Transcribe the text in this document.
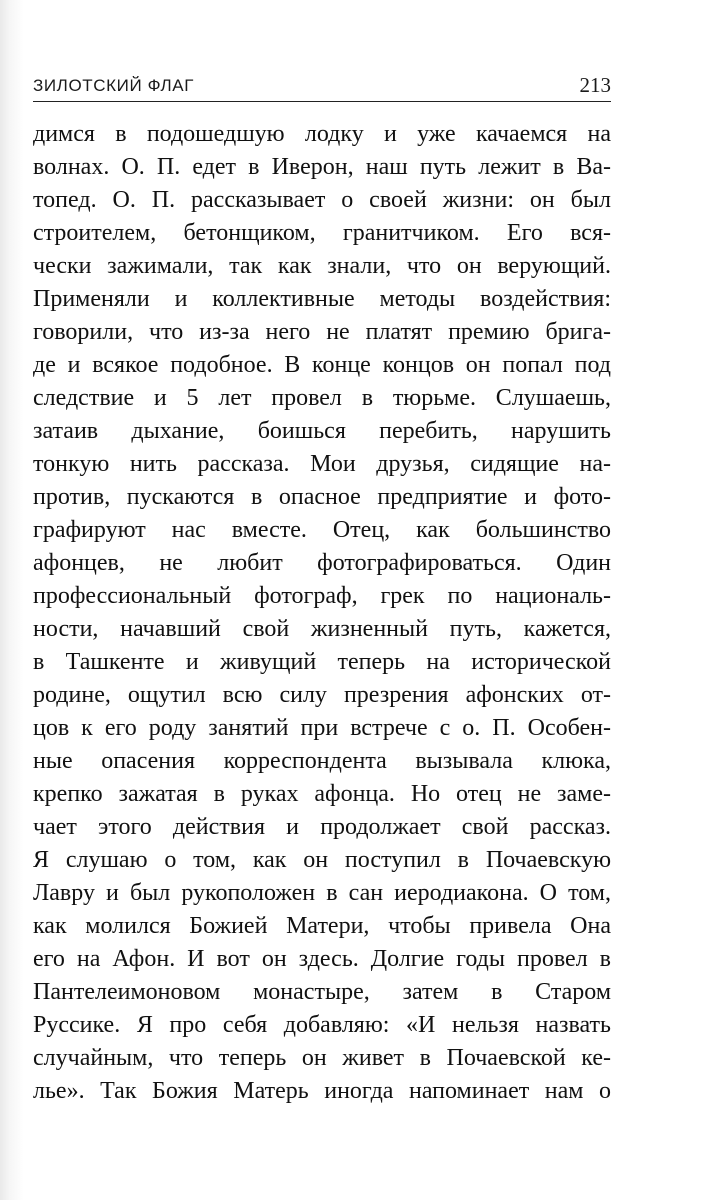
ЗИЛОТСКИЙ ФЛАГ	213
димся в подошедшую лодку и уже качаемся на
волнах. О. П. едет в Иверон, наш путь лежит в Ва-
топед. О. П. рассказывает о своей жизни: он был
строителем, бетонщиком, гранитчиком. Его вся-
чески зажимали, так как знали, что он верующий.
Применяли и коллективные методы воздействия:
говорили, что из-за него не платят премию брига-
де и всякое подобное. В конце концов он попал под
следствие и 5 лет провел в тюрьме. Слушаешь,
затаив дыхание, боишься перебить, нарушить
тонкую нить рассказа. Мои друзья, сидящие на-
против, пускаются в опасное предприятие и фото-
графируют нас вместе. Отец, как большинство
афонцев, не любит фотографироваться. Один
профессиональный фотограф, грек по националь-
ности, начавший свой жизненный путь, кажется,
в Ташкенте и живущий теперь на исторической
родине, ощутил всю силу презрения афонских от-
цов к его роду занятий при встрече с о. П. Особен-
ные опасения корреспондента вызывала клюка,
крепко зажатая в руках афонца. Но отец не заме-
чает этого действия и продолжает свой рассказ.
Я слушаю о том, как он поступил в Почаевскую
Лавру и был рукоположен в сан иеродиакона. О том,
как молился Божией Матери, чтобы привела Она
его на Афон. И вот он здесь. Долгие годы провел в
Пантелеимоновом монастыре, затем в Старом
Руссике. Я про себя добавляю: «И нельзя назвать
случайным, что теперь он живет в Почаевской ке-
лье». Так Божия Матерь иногда напоминает нам о
